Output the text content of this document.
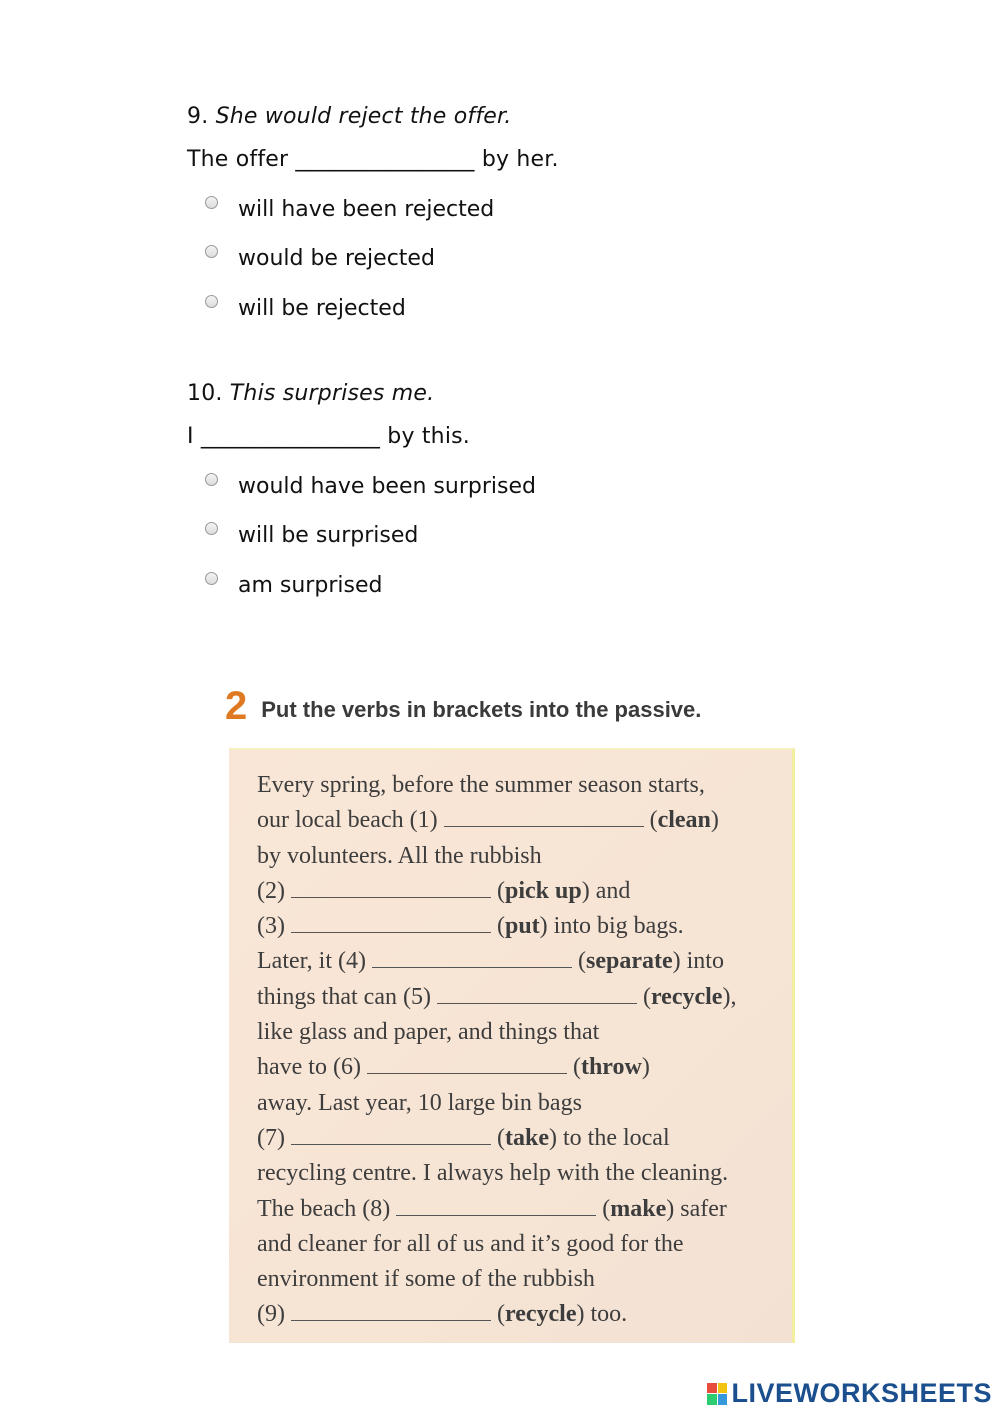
9. She would reject the offer.
The offer ________________ by her.
will have been rejected
would be rejected
will be rejected
10. This surprises me.
I ________________ by this.
would have been surprised
will be surprised
am surprised
2 Put the verbs in brackets into the passive.
Every spring, before the summer season starts,
our local beach (1)	(clean)
by volunteers. All the rubbish
(2)	(pick up) and
(3)	(put) into big bags.
Later, it (4)	(separate) into
things that can (5)	(recycle),
like glass and paper, and things that
have to (6)	(throw)
away. Last year, 10 large bin bags
(7)	(take) to the local
recycling centre. I always help with the cleaning.
The beach (8)	(make) safer
and cleaner for all of us and it’s good for the
environment if some of the rubbish
(9)	(recycle) too.
LIVEWORKSHEETS
